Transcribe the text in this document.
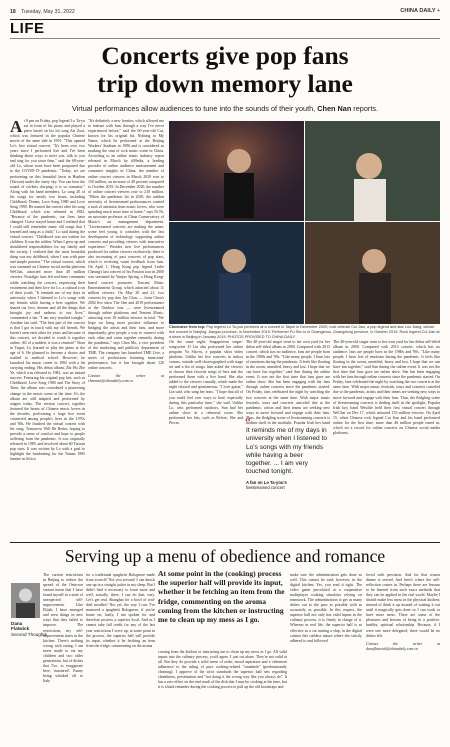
18 Tuesday, May 31, 2022	CHINA DAILY +
LIFE
Concerts give pop fans
trip down memory lane
Virtual performances allow audiences to tune into the sounds of their youth, Chen Nan reports.
At 8 pm on Friday, pop legend Lo Ta-yu sat in front of his piano and played a piece based on his hit song Zai Zuai, which was featured in the popular Chinese movie of the same title in 1991. "This opened Lo's first virtual concert. "It's been over two years since I performed live and I've been thinking about ways to meet you, talk to you and sing for you since then," said the 68-year-old Lo, whose tours have been postponed due to the COVID-19 pandemic. "Today, we are performing on this beautiful lawn in Hualien (Taiwan) under the starry sky. You can hear the sound of crickets chirping; it is so romantic." Along with his band members, Lo sang 20 of his songs for nearly two hours, including Childhood, Dream, Love Song 1980 and Love Song 1990. He named the concert after his song Childhood, which was released in 1982. "Because of the pandemic, our lives have changed. I have stayed home and I realized that I could still remember many old songs that I learned and sang as a child," Lo said during the virtual concert. "Childhood was not written for children. It was the soldier. When I grew up and shouldered responsibilities for my family and the society, I realized that the most beautiful thing was my childhood, when I was with pure and simple passion." The virtual concert, which was streamed on Chinese social media platform WeChat, attracted more than 40 million viewers. Nostalgic fans left real-time comments while watching the concert, expressing their excitement and their love for Lo, a cultural icon of their youth. "It reminds me of my days in university when I listened to Lo's songs with my friends while having a beer together. We shared our love, dreams and all the things that brought joy and sadness to our lives," commented a fan. "I am very touched tonight." Another fan said: "The best part of the concert is that I got in touch with my old friends. We haven't seen each other for years and because of this concert, we decided to watch it together online. All of a sudden, it was a reunion!" Born in Taipei, Lo learned to play the piano at the age of 6. He planned to become a doctor and studied to medical school. However, he launched his music career in 1982 with a hit carrying ending. His debut album, Zhi Hu Zhe Ye, which was released in 1982, was an instant success. Featuring his original pop hits, such as Childhood, Love Song 1980 and The Story of Time, the album was considered a pioneering change in the music scene at the time. It's the album are still adapted and performed by singers today. The version concert, together featured the hearts of Chinese music lovers in the decades, performing a large live event connected among people's lives in the 1970s and '80s. He finished the virtual concert with his song, Tomorrow Will Be Better, hoping to provide a sense of comfort and hope to people suffering from the pandemic. It was originally released in 1985, and involved about 60 Taiwan pop stars. It was written by Lo with a goal to highlight the fundraising for the Tainan 1985 famine in Africa.
"It's definitely a new frontier, which allowed me to interact with fans through a way I've never experienced before," said the 60-year-old Cui, known for his original hit, Nothing to My Name, which he performed at the Beijing Workers' Stadium in 1986 and is considered as marking the start of rock music scene in China. According to an online music industry report released in March by iiMedia, a leading provider of online audience measurement and consumer insights in China, the number of online concert viewers in March 2020 rose to 150 million, an increase of 40 percent compared to October 2019. In December 2020, the number of online concert viewers rose to 210 million. "When the pandemic hit in 2020, the sudden necessity of livestreamed performances created a rush of attention from music lovers, who were spending much more time at home," says Ni Ni, an associate professor at China Conservatory of Music's art management department. "Livestreamed concerts are making the music scene feel young, it coincides with the fast development of technology supporting online concerts and providing viewers with innovative experience." Besides new live performances produced for online viewers exclusively, there is also increasing of past concerts of pop stars, which is receiving warm feedback from fans. On April 1, Hong Kong pop legend Leslie Cheung's last concert of his Passion tour in 2000 was streamed by Yunjue Spring, a Hong Kong-based concert promoter. Tencent Music Entertainment Group, which attracted about 11 million viewers. On May 20 and 21, two concerts by pop duo Jay Chou — from Chou's 2002 live show The One and 2019 performance at the Outdoor tour — were livestreamed through online platforms and Tencent Music, attracting over 10 million viewers in total. "We hope we bring more positive influence to bridging the artists and their fans, and more importantly, give people a way to connect with each other and come together remotely during the pandemic," says Chen Mo, a vice president of the marketing and publicity department of TME. The company has launched TME Live, a series of productions featuring musicians' performance, but it has brought about 120 online concerts.
Contact the writer at chennan@chinadaily.com.cn
Clockwise from top: Pop legend Lo Ta-you performs at a concert in Taipei in December 2020; rock veteran Cui Jian, a pop legend and star Luo Jiang, whose live concert in Nanjing, Jiangsu province, in November 2019. Performer Pu Shu is in Guangzhou, Guangdong province, in October 2019. Rock legend Cui Jian at a show in Beijing in January 2019. PHOTOS PROVIDED TO CHINA DAILY
On the same night, Singaporean singer-songwriter JJ Lin also performed her online program Vu Shu-ru, a popular short video platform. Unlike her live concerts in indoor venues, outside well-choreographed with stage set and a list of songs, him asked the viewers to choose their favorite songs of hers and she performed them with a live band. She also added to the viewers casually, which made the night relaxed and spontaneous. "I love guitar," Lin said, who sang her tears. "I hope that all of you could feel ever ways to heal, especially during this particular time," she said. Unlike Lo, who performed outdoors, Sun had her online show in a rehearsal room. She performed her hits, such as Before, She and Pieces.	“
It reminds me of my days in university when I listened to Lo's songs with my friends while having a beer together. ... I am very touched tonight.
A fan on Lo Ta-you's
livestreamed concert
The 40-year-old singer went to her own yard for her debut self-titled album in 2000. Compared with 2013 concert, which has no audience, fans are people born in the 1980s and '90s. "Like many people, I have lots of emotions during the pandemic. It feels like floating in the ocean, unsettled, heavy and lost. I hope that we can have fun together," said Sun during the online event. It was not the first time that fans gave are online show. She has been engaging with her fans through online concerts since the pandemic started. On Friday, fans celebrated the night by watching the two concerts at the same time. With major music festivals, tours and concerts canceled due to the pandemic, artists and their teams are seeking new ways to move forward and engage with their fans. Thus, the fledgling scene of livestreaming concerts is finding itself in the spotlight. Popular Irish boy band
The 40-year-old singer went to her own yard for her debut self-titled album in 2000. Compared with 2013 concert, which has no audience, fans are people born in the 1980s and '90s. "Like many people, I have lots of emotions during the pandemic. It feels like floating in the ocean, unsettled, heavy and lost. I hope that we can have fun together," said Sun during the online event. It was not the first time that fans gave are online show. She has been engaging with her fans through online concerts since the pandemic started. On Friday, fans celebrated the night by watching the two concerts at the same time. With major music festivals, tours and concerts canceled due to the pandemic, artists and their teams are seeking new ways to move forward and engage with their fans. Thus, the fledgling scene of livestreaming concerts is finding itself in the spotlight. Popular Irish boy band Westlife held their first virtual concert through WeChat on Dec 17, which attracted 153 million viewers. On April 15, when Chinese rock legend Cui Jian and his band performed online for the first time, more than 46 million people tuned in, which set a record for online concerts on Chinese social media platforms.
Serving up a menu of obedience and romance
The current restrictions in Beijing to reduce the spread of the Omicron variant mean that I have found myself in a state of unexpected self-improvement. Like Elijah, I have emerged and seen things in new ways that they failed to improve. The restrictions, my self-improvement starts in the kitchen. There's nothing wrong with eating, I am never made to eat my children and two older generations, but of dishes that I've, to exaggerate here, 'mastered'. Funny being whisked off to Italy
Dana
Flatwick
Second Thoughts
for a traditional spaghetti Bolognese made from scratch? Not you servant! I can knock one up in a straight jacket in my sleep. But I didn't find it necessary to learn more and well, actually, there, I can do that, easy. Let's get real. Shanghai for a bowl of real-deal noodles? Not yet, the way I can. I've mastered a spaghetti Bolognese, if you're home on, lastly, I am spoken for and therefore possess a superior local. And as I cannot take full credit for any of the last year restrictions I serve up, at some point in the process, the superior half will provide its input, whether it be fetching an item from the fridge, commenting on the aroma
At some point in the (cooking) process the superior half will provide its input, whether it be fetching an item from the fridge, commenting on the aroma coming from the kitchen or instructing me to clean up my mess as I go.
coming from the kitchen or instructing me to clean up my mess as I go. All valid inputs into the culinary process, you'd agree. I just cut alone. They're not valid at all. But they do provide a solid sense of order, moral aspiration and a vehement adherence to the ruling of pure cooking-related "standards" (predominantly cleaning). I approve of the strict standards the superior half sets regarding cleanliness, presentation and "not doing it the wrong way like you always do". It has a zero effect on the end result of the dish that I may be cooking at the time, but it is a kind reminder during the cooking process to pull up the old bootstraps and
make sure the administration gets done as well. This cannot be said, however, in the digital kitchen. Yes, you read it right. The video game percolated at a cooperative multiplayer cooking simulator relying on teamwork. The administration to get as many dishes out to the pass as possible with as accurately as possible. In this respect, the superior half not only has valid inputs in the culinary process, it is firmly in charge of it. Whereas in real life, the superior half is as effective as a cat turning a ship, in the digital cuisine this ruthless nature where she strictly adhered to and followed
loved with precision. And for that reason dinner is served. And here's where the self-reflection comes in. Perhaps there are lessons to be learned from such exact methods that they can be applied in the real world. Maybe I should make less mess in the physical kitchen; instead of think it up instead of waiting it out until it magically gets done so I can work or have more mess. There are some of the pleasures and lessons of being in a positive, healthy, spiritual relationship. Because, if I were one more delegated, there would be no dishes left.
Contact the writer at danaflatwick@chinadaily.com.cn
